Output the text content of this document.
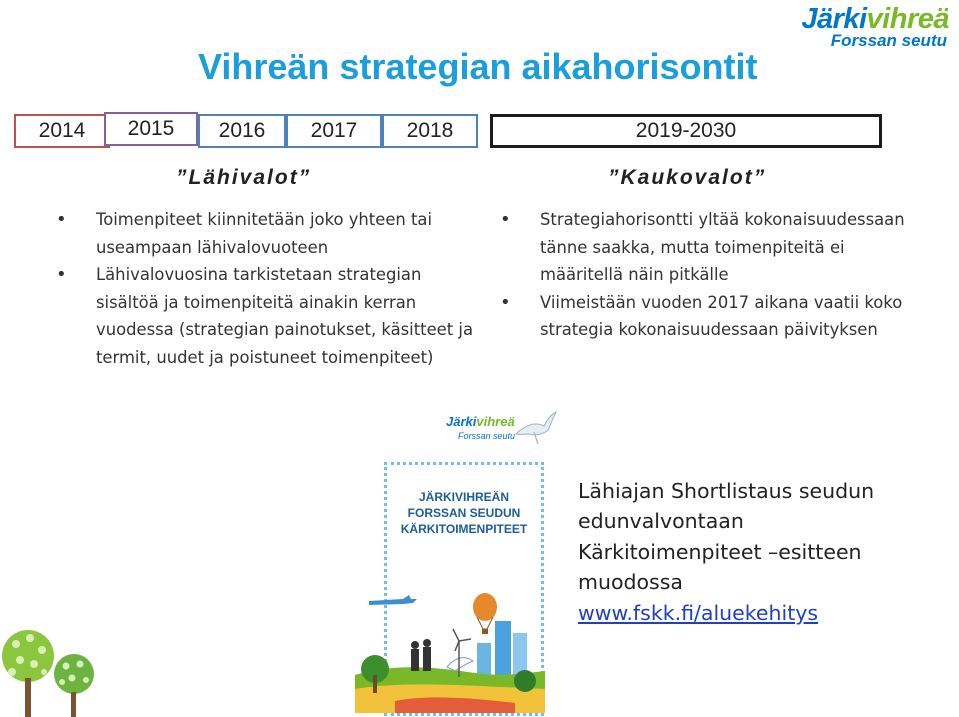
Järkivihreä
Forssan seutu
Vihreän strategian aikahorisontit
2014	2015	2016	2017	2018	2019-2030
”Lähivalot”
• Toimenpiteet kiinnitetään joko yhteen tai useampaan lähivalovuoteen
• Lähivalovuosina tarkistetaan strategian sisältöä ja toimenpiteitä ainakin kerran vuodessa (strategian painotukset, käsitteet ja termit, uudet ja poistuneet toimenpiteet)
”Kaukovalot”
• Strategiahorisontti yltää kokonaisuudessaan tänne saakka, mutta toimenpiteitä ei määritellä näin pitkälle
• Viimeistään vuoden 2017 aikana vaatii koko strategia kokonaisuudessaan päivityksen
Järkivihreä
Forssan seutu
JÄRKIVIHREÄN
FORSSAN SEUDUN
KÄRKITOIMENPITEET
Lähiajan Shortlistaus seudun
edunvalvontaan
Kärkitoimenpiteet –esitteen
muodossa
www.fskk.fi/aluekehitys
